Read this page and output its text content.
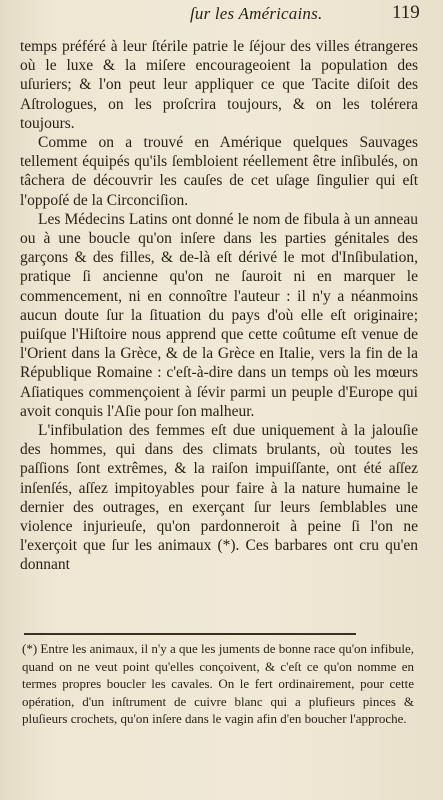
ſur les Américains.	119

temps préféré à leur ſtérile patrie le ſéjour des villes étrangeres où le luxe & la miſere encourageoient la population des uſuriers; & l'on peut leur appliquer ce que Tacite diſoit des Aſtrologues, on les proſcrira toujours, & on les tolérera toujours.

Comme on a trouvé en Amérique quelques Sauvages tellement équipés qu'ils ſembloient réellement être inſibulés, on tâchera de découvrir les cauſes de cet uſage ſingulier qui eſt l'oppoſé de la Circonciſion.

Les Médecins Latins ont donné le nom de fibula à un anneau ou à une boucle qu'on inſere dans les parties génitales des garçons & des filles, & de-là eſt dérivé le mot d'Inſibulation, pratique ſi ancienne qu'on ne ſauroit ni en marquer le commencement, ni en connoître l'auteur : il n'y a néanmoins aucun doute ſur la ſituation du pays d'où elle eſt originaire; puiſque l'Hiſtoire nous apprend que cette coûtume eſt venue de l'Orient dans la Grèce, & de la Grèce en Italie, vers la fin de la République Romaine : c'eſt-à-dire dans un temps où les mœurs Aſiatiques commençoient à ſévir parmi un peuple d'Europe qui avoit conquis l'Aſie pour ſon malheur.

L'infibulation des femmes eſt due uniquement à la jalouſie des hommes, qui dans des climats brulants, où toutes les paſſions ſont extrêmes, & la raiſon impuiſſante, ont été aſſez inſenſés, aſſez impitoyables pour faire à la nature humaine le dernier des outrages, en exerçant ſur leurs ſemblables une violence injurieuſe, qu'on pardonneroit à peine ſi l'on ne l'exerçoit que ſur les animaux (*). Ces barbares ont cru qu'en donnant

(*) Entre les animaux, il n'y a que les juments de bonne race qu'on infibule, quand on ne veut point qu'elles conçoivent, & c'eſt ce qu'on nomme en termes propres boucler les cavales. On le fert ordinairement, pour cette opération, d'un inſtrument de cuivre blanc qui a plufieurs pinces & pluſieurs crochets, qu'on inſere dans le vagin afin d'en boucher l'approche.
